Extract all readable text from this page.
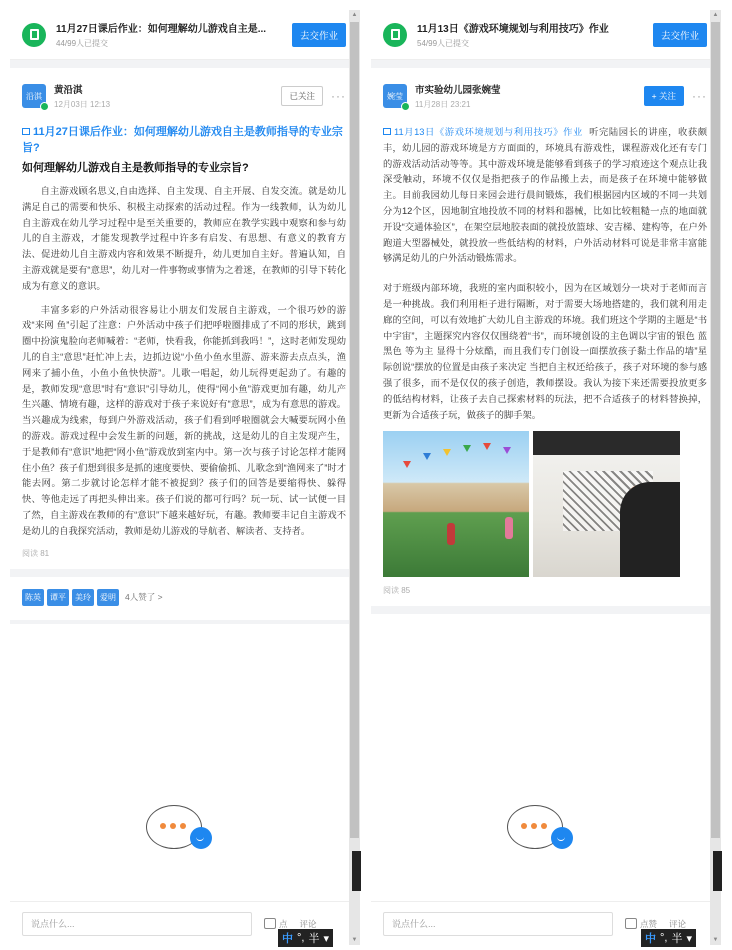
11月27日课后作业：如何理解幼儿游戏自主是...
44/99人已提交
去交作业
沿淇 黄沿淇
12月03日 12:13
已关注	···
11月27日课后作业：如何理解幼儿游戏自主是教师指导的专业宗旨?
如何理解幼儿游戏自主是教师指导的专业宗旨?
自主游戏顾名思义,自由选择、自主发现、自主开展、自发交流。就是幼儿满足自己的需要和快乐、积极主动探索的活动过程。作为一线教师，认为幼儿自主游戏在幼儿学习过程中是至关重要的，教师应在教学实践中观察和参与幼儿的自主游戏，才能发现教学过程中许多有启发、有思想、有意义的教育方法、促进幼儿自主游戏内容和效果不断提升，幼儿更加自主好。普遍认知，自主游戏就是要有“意思”，幼儿对一件事物或事情为之着迷，在教师的引导下转化成为有意义的意识。
丰富多彩的户外活动很容易让小朋友们发展自主游戏，一个很巧妙的游戏“来网 鱼”引起了注意：户外活动中孩子们把呼啦圈排成了不同的形状，跳到圈中扮演鬼脸向老师喊着：“老师，快看我，你能抓到我吗！”，这时老师发现幼儿的自主“意思”赶忙冲上去，边抓边说“小鱼小鱼水里游、游来游去点点头，渔网来了捕小鱼，小鱼小鱼快快游”。儿歌一唱起，幼儿玩得更起劲了。有趣的是，教师发现“意思”时有“意识”引导幼儿，使得“网小鱼”游戏更加有趣，幼儿产生兴趣、情境有趣，这样的游戏对于孩子来说好有“意思”，成为有意思的游戏。当兴趣成为线索，每到户外游戏活动，孩子们看到呼啦圈就会大喊要玩网小鱼的游戏。游戏过程中会发生新的问题，新的挑战，这是幼儿的自主发现产生，于是教师有“意识”地把“网小鱼”游戏放到室内中。第一次与孩子讨论怎样才能网住小鱼？孩子们想到很多是抓的速度要快、要偷偷抓、儿歌念到“渔网来了”时才能去网。第二步就讨论怎样才能不被捉到？孩子们的回答是要缩得快、躲得快、等他走远了再把头伸出来。孩子们说的都可行吗？玩一玩、试一试便一目了然，自主游戏在教师的有“意识”下越来越好玩，有趣。教师要丰记自主游戏不是幼儿的自我探究活动，教师是幼儿游戏的导航者、解读者、支持者。
阅读 81
陈英	谭平	美玲	爱明	4人赞了 >
说点什么...	点 评论
▲
▼
11月13日《游戏环境规划与利用技巧》作业
54/99人已提交
去交作业
婉莹 市实验幼儿园张婉莹
11月28日 23:21
+ 关注	···
11月13日《游戏环境规划与利用技巧》作业 听完陆园长的讲座，收获颇丰，幼儿园的游戏环境是方方面面的，环境具有游戏性，课程游戏化还有专门的游戏活动活动等等。其中游戏环境是能够看到孩子的学习痕迹这个观点让我深受触动，环境不仅仅是指把孩子的作品搬上去，而是孩子在环境中能够做主。目前我园幼儿每日来园会进行晨间锻炼，我们根据园内区域的不同一共划分为12个区，因地制宜地投放不同的材料和器械，比如比较粗糙一点的地面就开设“交通体验区”，在架空层地胶表面的就投放篮球、安吉梯、建构等，在户外跑道大型器械处，就投放一些低结构的材料，户外活动材料可说是非常丰富能够满足幼儿的户外活动锻炼需求。
对于班级内部环境，我班的室内面积较小，因为在区域划分一块对于老师而言是一种挑战。我们利用柜子进行隔断，对于需要大场地搭建的，我们就利用走廊的空间，可以有效地扩大幼儿自主游戏的环境。我们班这个学期的主题是“书中宇宙”，主题探究内容仅仅围绕着“书”，而环境创设的主色调以宇宙的银色 蓝黑色 等为主 显得十分炫酷，而且我们专门创设一面摆放孩子黏土作品的墙”星际创说“摆放的位置是由孩子来决定 当把自主权还给孩子，孩子对环境的参与感强了很多，而不是仅仅的孩子创造，教师摆设。我认为接下来还需要投放更多的低结构材料，让孩子去自己探索材料的玩法，把不合适孩子的材料替换掉，更新为合适孩子玩，做孩子的脚手架。
阅读 85
说点什么...	点赞 评论
▲
▼
中 °, 半 ▾	中 °, 半 ▾
